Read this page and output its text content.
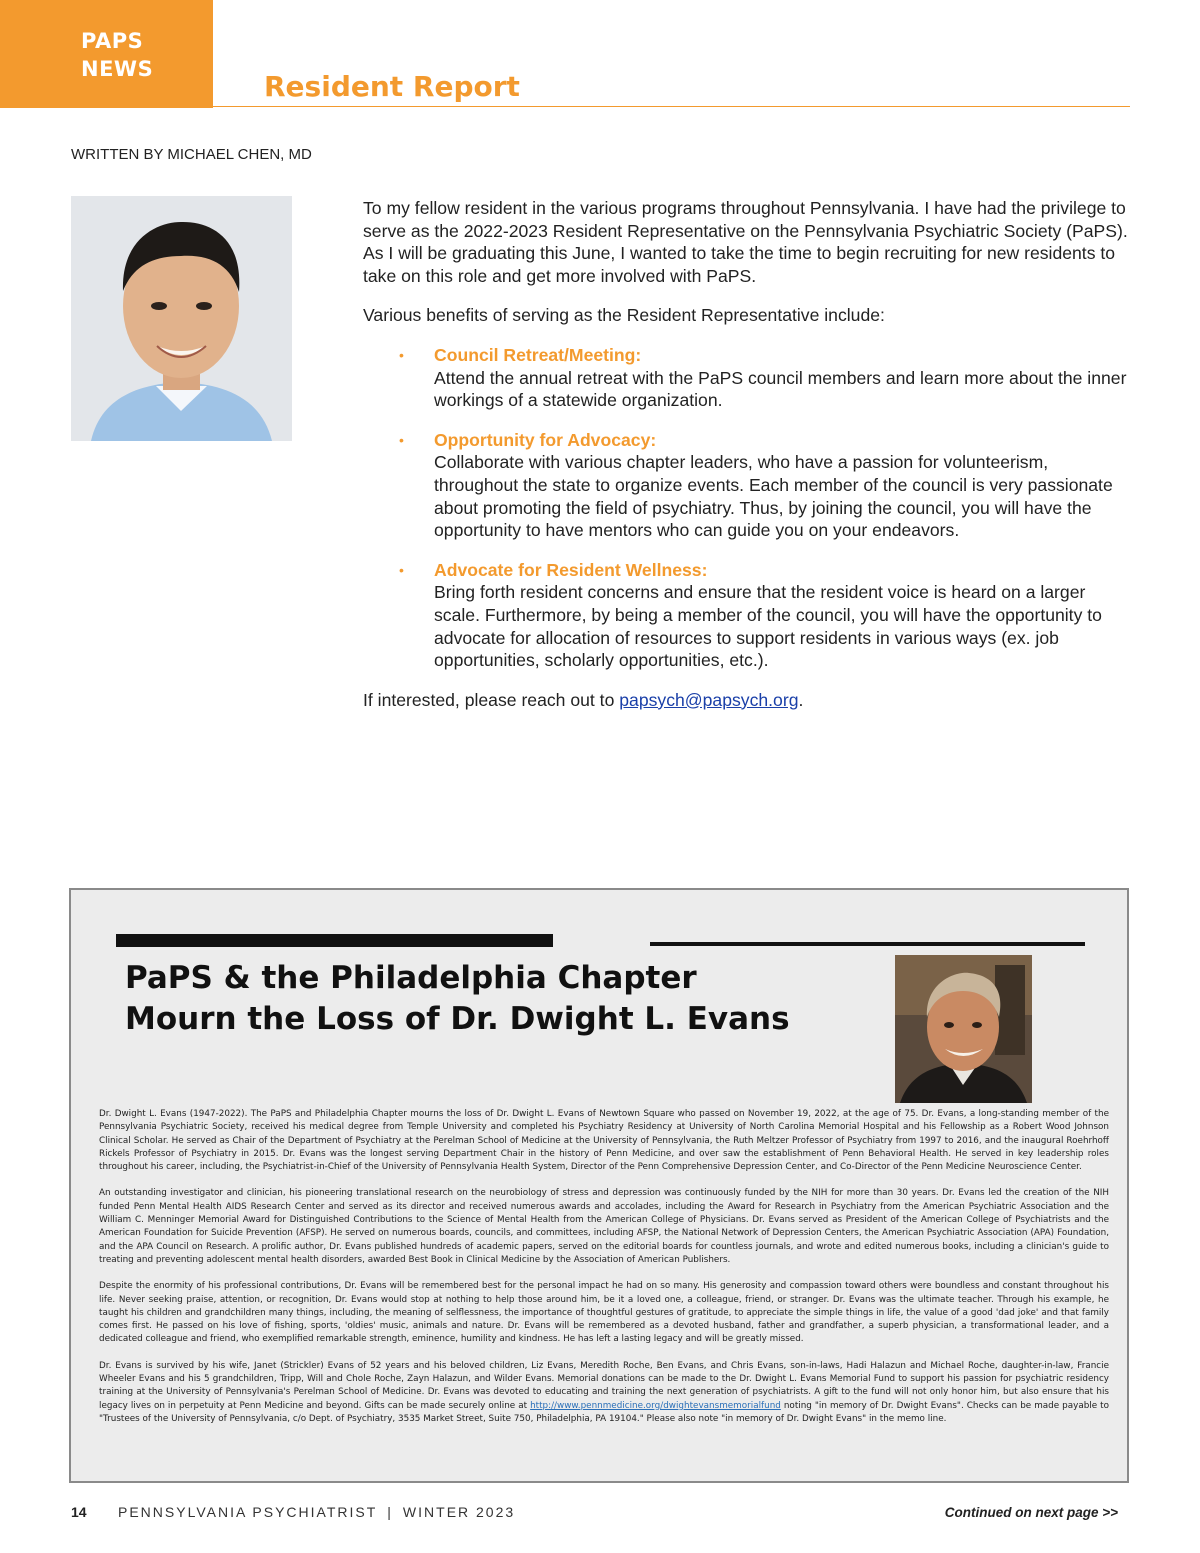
PAPS
NEWS
Resident Report
WRITTEN BY MICHAEL CHEN, MD

To my fellow resident in the various programs throughout Pennsylvania. I have had the privilege to serve as the 2022-2023 Resident Representative on the Pennsylvania Psychiatric Society (PaPS). As I will be graduating this June, I wanted to take the time to begin recruiting for new residents to take on this role and get more involved with PaPS.

Various benefits of serving as the Resident Representative include:

• Council Retreat/Meeting:
Attend the annual retreat with the PaPS council members and learn more about the inner workings of a statewide organization.
• Opportunity for Advocacy:
Collaborate with various chapter leaders, who have a passion for volunteerism, throughout the state to organize events. Each member of the council is very passionate about promoting the field of psychiatry. Thus, by joining the council, you will have the opportunity to have mentors who can guide you on your endeavors.
• Advocate for Resident Wellness:
Bring forth resident concerns and ensure that the resident voice is heard on a larger scale. Furthermore, by being a member of the council, you will have the opportunity to advocate for allocation of resources to support residents in various ways (ex. job opportunities, scholarly opportunities, etc.).

If interested, please reach out to papsych@papsych.org.

PaPS & the Philadelphia Chapter
Mourn the Loss of Dr. Dwight L. Evans

Dr. Dwight L. Evans (1947-2022). The PaPS and Philadelphia Chapter mourns the loss of Dr. Dwight L. Evans of Newtown Square who passed on November 19, 2022, at the age of 75. Dr. Evans, a long-standing member of the Pennsylvania Psychiatric Society, received his medical degree from Temple University and completed his Psychiatry Residency at University of North Carolina Memorial Hospital and his Fellowship as a Robert Wood Johnson Clinical Scholar. He served as Chair of the Department of Psychiatry at the Perelman School of Medicine at the University of Pennsylvania, the Ruth Meltzer Professor of Psychiatry from 1997 to 2016, and the inaugural Roehrhoff Rickels Professor of Psychiatry in 2015. Dr. Evans was the longest serving Department Chair in the history of Penn Medicine, and over saw the establishment of Penn Behavioral Health. He served in key leadership roles throughout his career, including, the Psychiatrist-in-Chief of the University of Pennsylvania Health System, Director of the Penn Comprehensive Depression Center, and Co-Director of the Penn Medicine Neuroscience Center.

An outstanding investigator and clinician, his pioneering translational research on the neurobiology of stress and depression was continuously funded by the NIH for more than 30 years. Dr. Evans led the creation of the NIH funded Penn Mental Health AIDS Research Center and served as its director and received numerous awards and accolades, including the Award for Research in Psychiatry from the American Psychiatric Association and the William C. Menninger Memorial Award for Distinguished Contributions to the Science of Mental Health from the American College of Physicians. Dr. Evans served as President of the American College of Psychiatrists and the American Foundation for Suicide Prevention (AFSP). He served on numerous boards, councils, and committees, including AFSP, the National Network of Depression Centers, the American Psychiatric Association (APA) Foundation, and the APA Council on Research. A prolific author, Dr. Evans published hundreds of academic papers, served on the editorial boards for countless journals, and wrote and edited numerous books, including a clinician's guide to treating and preventing adolescent mental health disorders, awarded Best Book in Clinical Medicine by the Association of American Publishers.

Despite the enormity of his professional contributions, Dr. Evans will be remembered best for the personal impact he had on so many. His generosity and compassion toward others were boundless and constant throughout his life. Never seeking praise, attention, or recognition, Dr. Evans would stop at nothing to help those around him, be it a loved one, a colleague, friend, or stranger. Dr. Evans was the ultimate teacher. Through his example, he taught his children and grandchildren many things, including, the meaning of selflessness, the importance of thoughtful gestures of gratitude, to appreciate the simple things in life, the value of a good 'dad joke' and that family comes first. He passed on his love of fishing, sports, 'oldies' music, animals and nature. Dr. Evans will be remembered as a devoted husband, father and grandfather, a superb physician, a transformational leader, and a dedicated colleague and friend, who exemplified remarkable strength, eminence, humility and kindness. He has left a lasting legacy and will be greatly missed.

Dr. Evans is survived by his wife, Janet (Strickler) Evans of 52 years and his beloved children, Liz Evans, Meredith Roche, Ben Evans, and Chris Evans, son-in-laws, Hadi Halazun and Michael Roche, daughter-in-law, Francie Wheeler Evans and his 5 grandchildren, Tripp, Will and Chole Roche, Zayn Halazun, and Wilder Evans. Memorial donations can be made to the Dr. Dwight L. Evans Memorial Fund to support his passion for psychiatric residency training at the University of Pennsylvania's Perelman School of Medicine. Dr. Evans was devoted to educating and training the next generation of psychiatrists. A gift to the fund will not only honor him, but also ensure that his legacy lives on in perpetuity at Penn Medicine and beyond. Gifts can be made securely online at http://www.pennmedicine.org/dwightevansmemorialfund noting "in memory of Dr. Dwight Evans". Checks can be made payable to "Trustees of the University of Pennsylvania, c/o Dept. of Psychiatry, 3535 Market Street, Suite 750, Philadelphia, PA 19104." Please also note "in memory of Dr. Dwight Evans" in the memo line.

14 PENNSYLVANIA PSYCHIATRIST | WINTER 2023	Continued on next page >>
